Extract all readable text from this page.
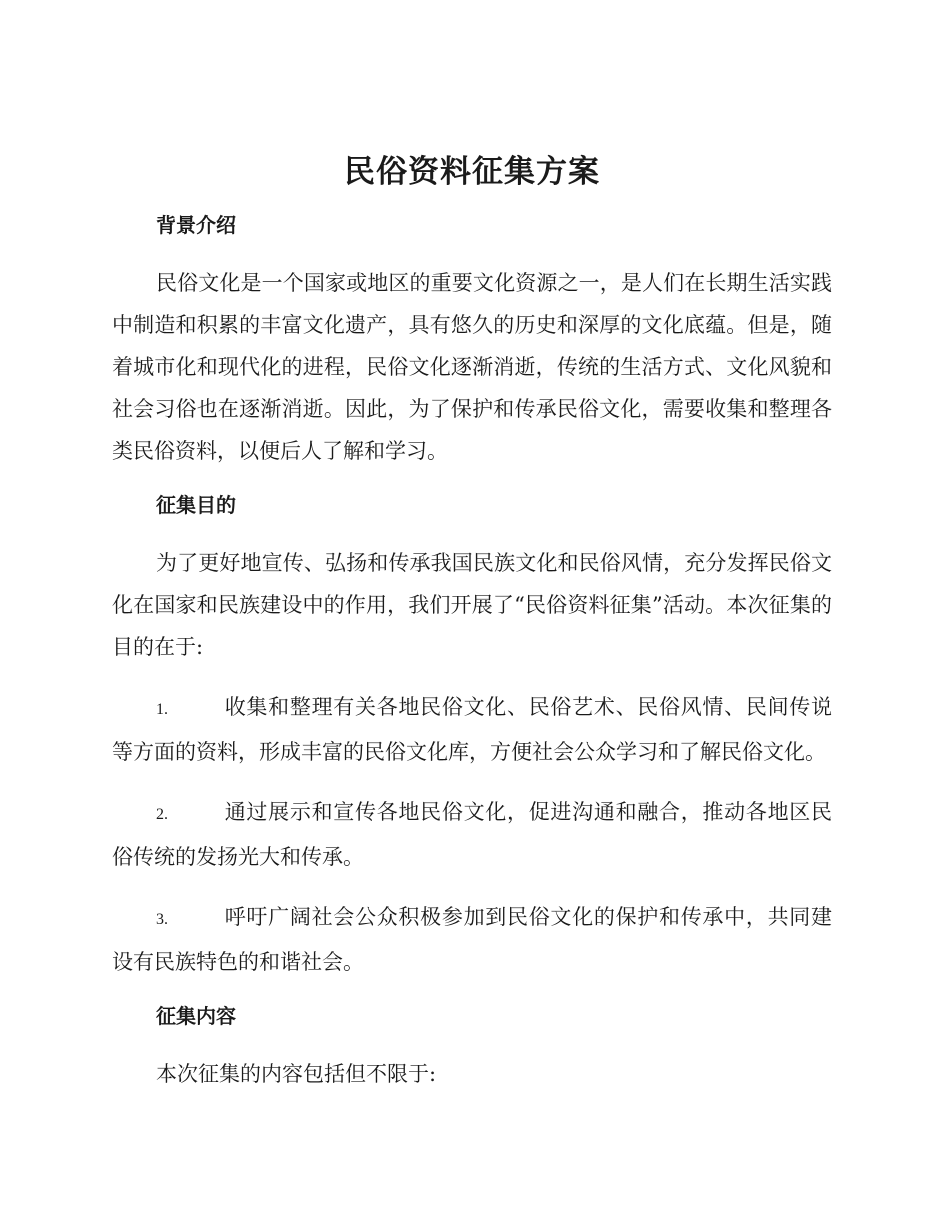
民俗资料征集方案
背景介绍

民俗文化是一个国家或地区的重要文化资源之一，是人们在长期生活实践中制造和积累的丰富文化遗产，具有悠久的历史和深厚的文化底蕴。但是，随着城市化和现代化的进程，民俗文化逐渐消逝，传统的生活方式、文化风貌和社会习俗也在逐渐消逝。因此，为了保护和传承民俗文化，需要收集和整理各类民俗资料，以便后人了解和学习。

征集目的

为了更好地宣传、弘扬和传承我国民族文化和民俗风情，充分发挥民俗文化在国家和民族建设中的作用，我们开展了“民俗资料征集”活动。本次征集的目的在于:

1.	收集和整理有关各地民俗文化、民俗艺术、民俗风情、民间传说等方面的资料，形成丰富的民俗文化库，方便社会公众学习和了解民俗文化。

2.	通过展示和宣传各地民俗文化，促进沟通和融合，推动各地区民俗传统的发扬光大和传承。

3.	呼吁广阔社会公众积极参加到民俗文化的保护和传承中，共同建设有民族特色的和谐社会。

征集内容

本次征集的内容包括但不限于:
